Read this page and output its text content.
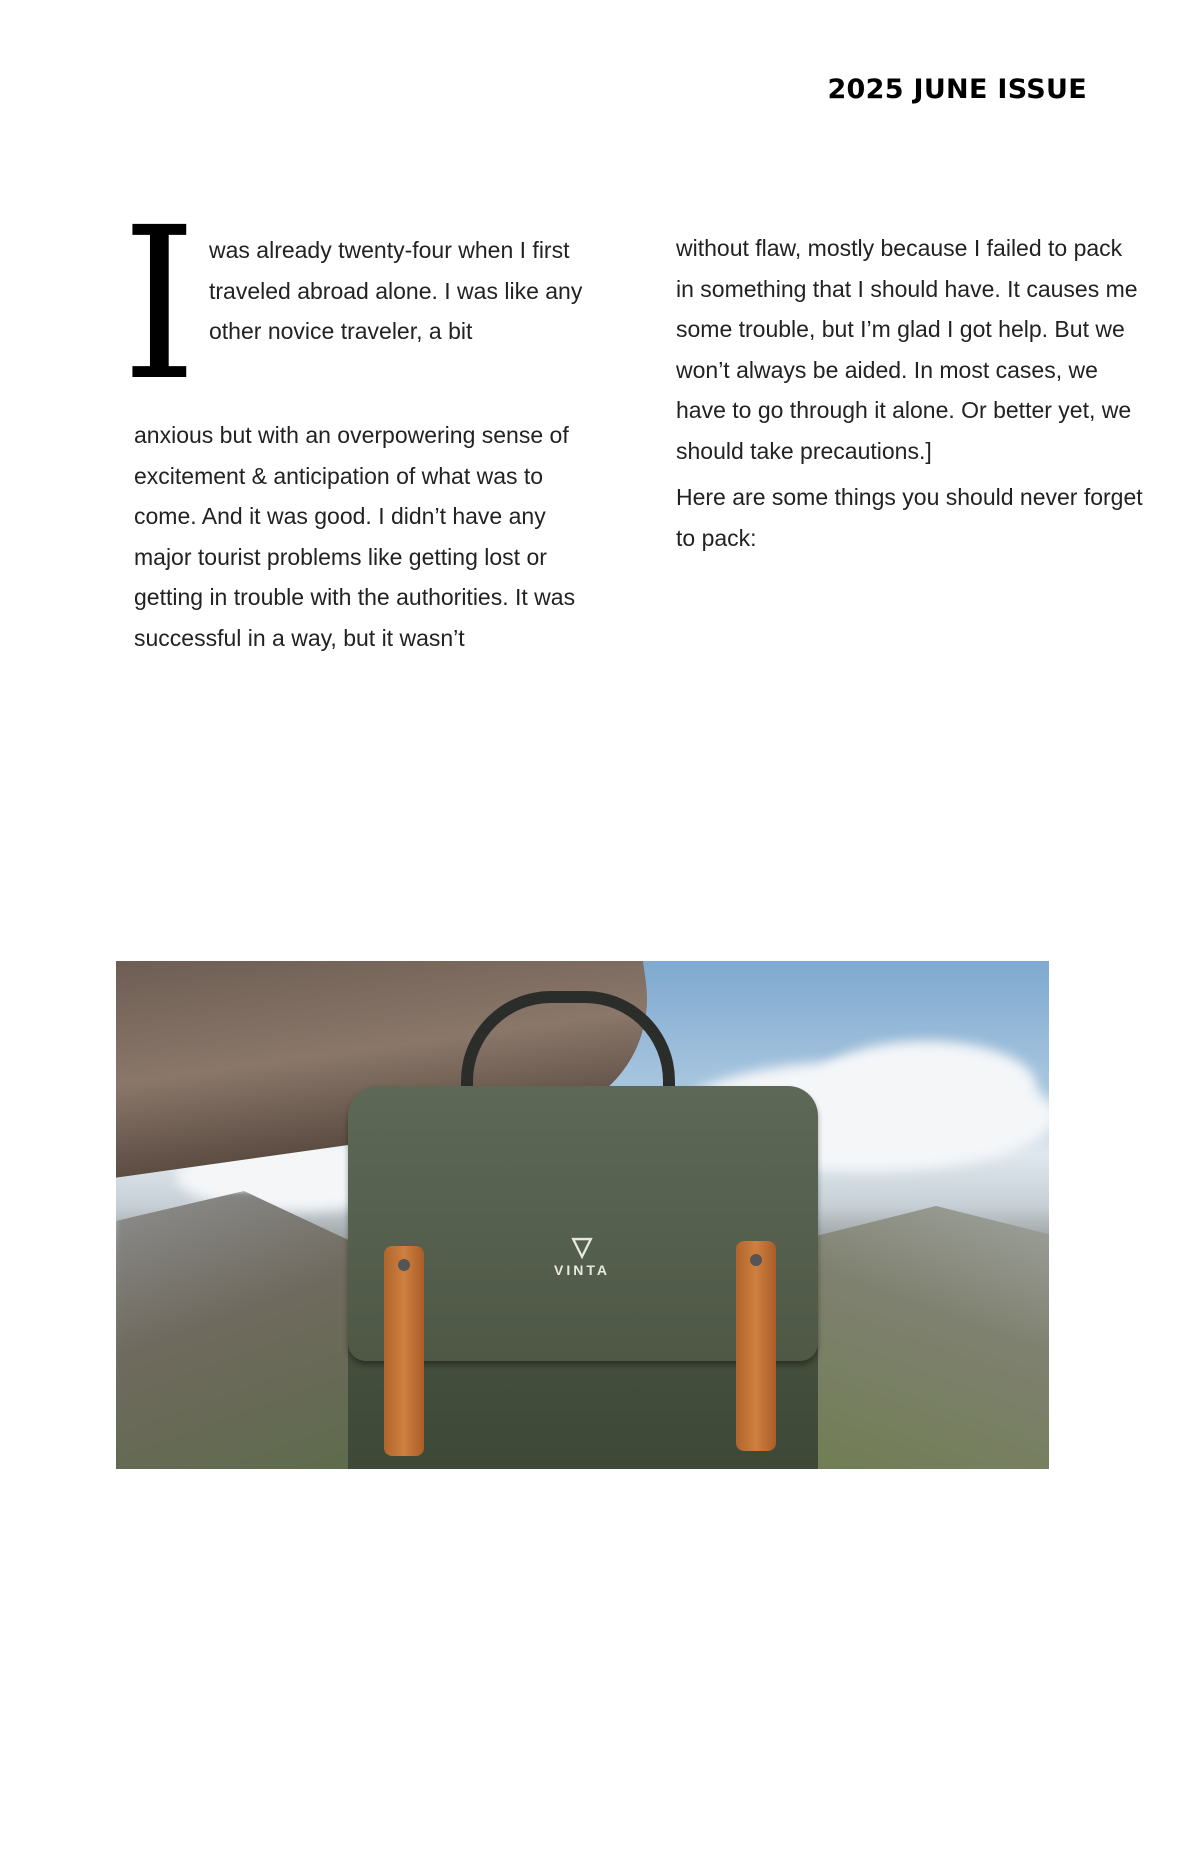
2025 JUNE ISSUE
I was already twenty-four when I first traveled abroad alone. I was like any other novice traveler, a bit

anxious but with an overpowering sense of excitement & anticipation of what was to come. And it was good. I didn’t have any major tourist problems like getting lost or getting in trouble with the authorities. It was successful in a way, but it wasn’t

without flaw, mostly because I failed to pack in something that I should have. It causes me some trouble, but I’m glad I got help. But we won’t always be aided. In most cases, we have to go through it alone. Or better yet, we should take precautions.]

Here are some things you should never forget to pack:

▽
VINTA
